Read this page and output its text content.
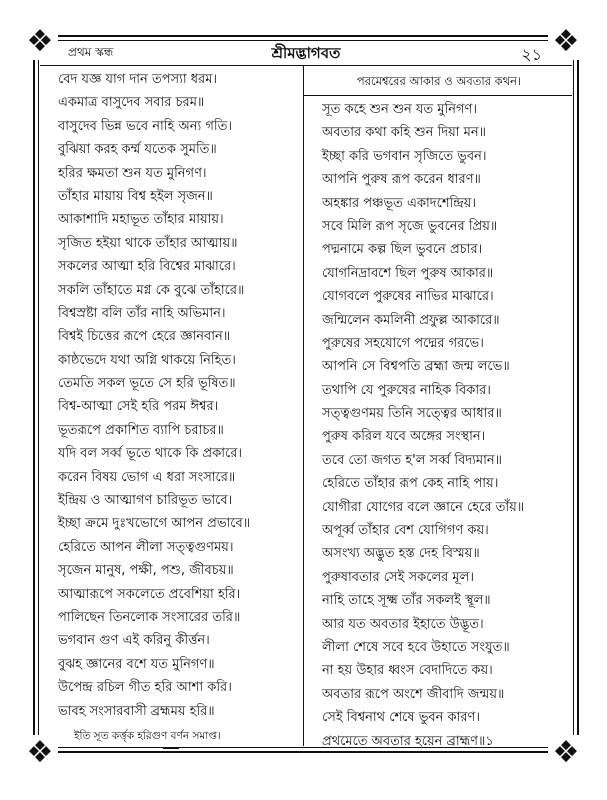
❖	❖
❖	❖
প্রথম স্কন্ধ	শ্রীমদ্ভাগবত	২১
বেদ যজ্ঞ যাগ দান তপস্যা ধরম।
একমাত্র বাসুদেব সবার চরম॥
বাসুদেব ভিন্ন ভবে নাহি অন্য গতি।
বুঝিয়া করহ কর্ম্ম যতেক সুমতি॥
হরির ক্ষমতা শুন যত মুনিগণ।
তাঁহার মায়ায় বিশ্ব হইল সৃজন॥
আকাশাদি মহাভূত তাঁহার মায়ায়।
সৃজিত হইয়া থাকে তাঁহার আত্মায়॥
সকলের আত্মা হরি বিশ্বের মাঝারে।
সকলি তাঁহাতে মগ্ন কে বুঝে তাঁহারে॥
বিশ্বস্রষ্টা বলি তাঁর নাহি অভিমান।
বিশ্বই চিত্তের রূপে হেরে জ্ঞানবান॥
কাষ্ঠভেদে যথা অগ্নি থাকয়ে নিহিত।
তেমতি সকল ভূতে সে হরি ভূষিত॥
বিশ্ব-আত্মা সেই হরি পরম ঈশ্বর।
ভূতরূপে প্রকাশিত ব্যাপি চরাচর॥
যদি বল সর্ব্ব ভূতে থাকে কি প্রকারে।
করেন বিষয় ভোগ এ ধরা সংসারে॥
ইন্দ্রিয় ও আত্মাগণ চারিভূত ভাবে।
ইচ্ছা ক্রমে দুঃখভোগে আপন প্রভাবে॥
হেরিতে আপন লীলা সত্ত্বগুণময়।
সৃজেন মানুষ, পক্ষী, পশু, জীবচয়॥
আত্মারূপে সকলেতে প্রবেশিয়া হরি।
পালিছেন তিনলোক সংসারের তরি॥
ভগবান গুণ এই করিনু কীর্ত্তন।
বুঝহ জ্ঞানের বশে যত মুনিগণ॥
উপেন্দ্র রচিল গীত হরি আশা করি।
ভাবহ সংসারবাসী ব্রহ্মময় হরি॥
ইতি সূত কর্ত্তৃক হরিগুণ বর্ণন সমাপ্ত।
পরমেশ্বরের আকার ও অবতার কথন।
সূত কহে শুন শুন যত মুনিগণ।
অবতার কথা কহি শুন দিয়া মন॥
ইচ্ছা করি ভগবান সৃজিতে ভুবন।
আপনি পুরুষ রূপ করেন ধারণ॥
অহঙ্কার পঞ্চভূত একাদশেন্দ্রিয়।
সবে মিলি রূপ সৃজে ভুবনের প্রিয়॥
পদ্মনামে কল্প ছিল ভুবনে প্রচার।
যোগনিদ্রাবশে ছিল পুরুষ আকার॥
যোগবলে পুরুষের নাভির মাঝারে।
জন্মিলেন কমলিনী প্রফুল্ল আকারে॥
পুরুষের সহযোগে পদ্মের গরভে।
আপনি সে বিশ্বপতি ব্রহ্মা জন্ম লভে॥
তথাপি যে পুরুষের নাহিক বিকার।
সত্ত্বগুণময় তিনি সত্ত্বের আধার॥
পুরুষ করিল যবে অঙ্গের সংস্থান।
তবে তো জগত হ'ল সর্ব্ব বিদ্যমান॥
হেরিতে তাঁহার রূপ কেহ নাহি পায়।
যোগীরা যোগের বলে জ্ঞানে হেরে তাঁয়॥
অপূর্ব্ব তাঁহার বেশ যোগিগণ কয়।
অসংখ্য অদ্ভুত হস্ত দেহ বিস্ময়॥
পুরুষাবতার সেই সকলের মূল।
নাহি তাহে সূক্ষ্ম তাঁর সকলই স্থূল॥
আর যত অবতার ইহাতে উদ্ভূত।
লীলা শেষে সবে হবে উহাতে সংযুত॥
না হয় উহার ধ্বংস বেদাদিতে কয়।
অবতার রূপে অংশে জীবাদি জন্ময়॥
সেই বিশ্বনাথ শেষে ভুবন কারণ।
প্রথমেতে অবতার হয়েন ব্রাহ্মণ॥১
